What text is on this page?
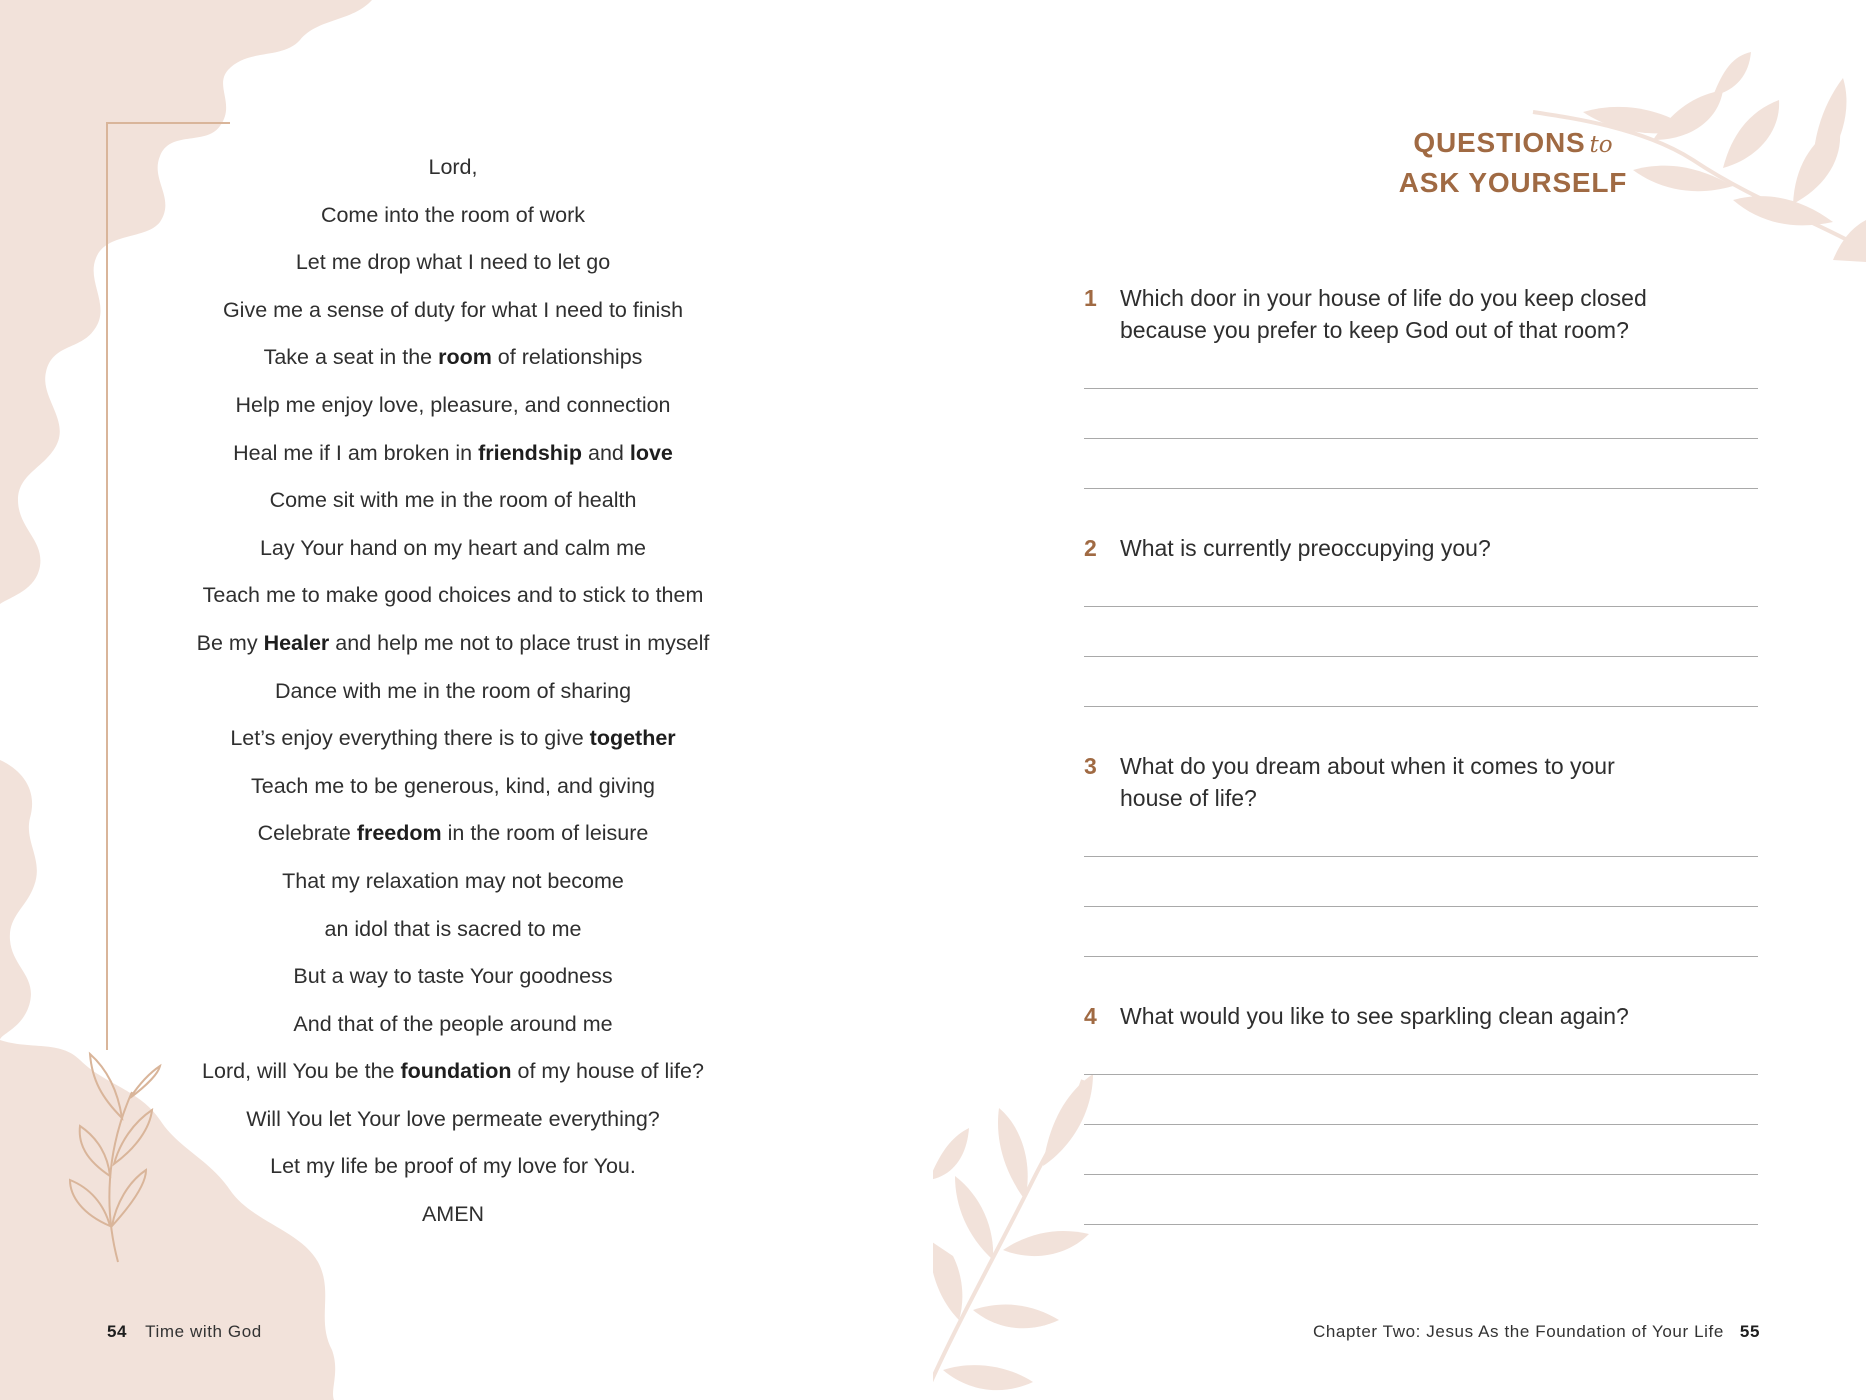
Lord,
Come into the room of work
Let me drop what I need to let go
Give me a sense of duty for what I need to finish
Take a seat in the room of relationships
Help me enjoy love, pleasure, and connection
Heal me if I am broken in friendship and love
Come sit with me in the room of health
Lay Your hand on my heart and calm me
Teach me to make good choices and to stick to them
Be my Healer and help me not to place trust in myself
Dance with me in the room of sharing
Let’s enjoy everything there is to give together
Teach me to be generous, kind, and giving
Celebrate freedom in the room of leisure
That my relaxation may not become
an idol that is sacred to me
But a way to taste Your goodness
And that of the people around me
Lord, will You be the foundation of my house of life?
Will You let Your love permeate everything?
Let my life be proof of my love for You.
AMEN
54 Time with God
QUESTIONS to
ASK YOURSELF
1 Which door in your house of life do you keep closed
because you prefer to keep God out of that room?
2 What is currently preoccupying you?
3 What do you dream about when it comes to your
house of life?
4 What would you like to see sparkling clean again?
Chapter Two: Jesus As the Foundation of Your Life 55
